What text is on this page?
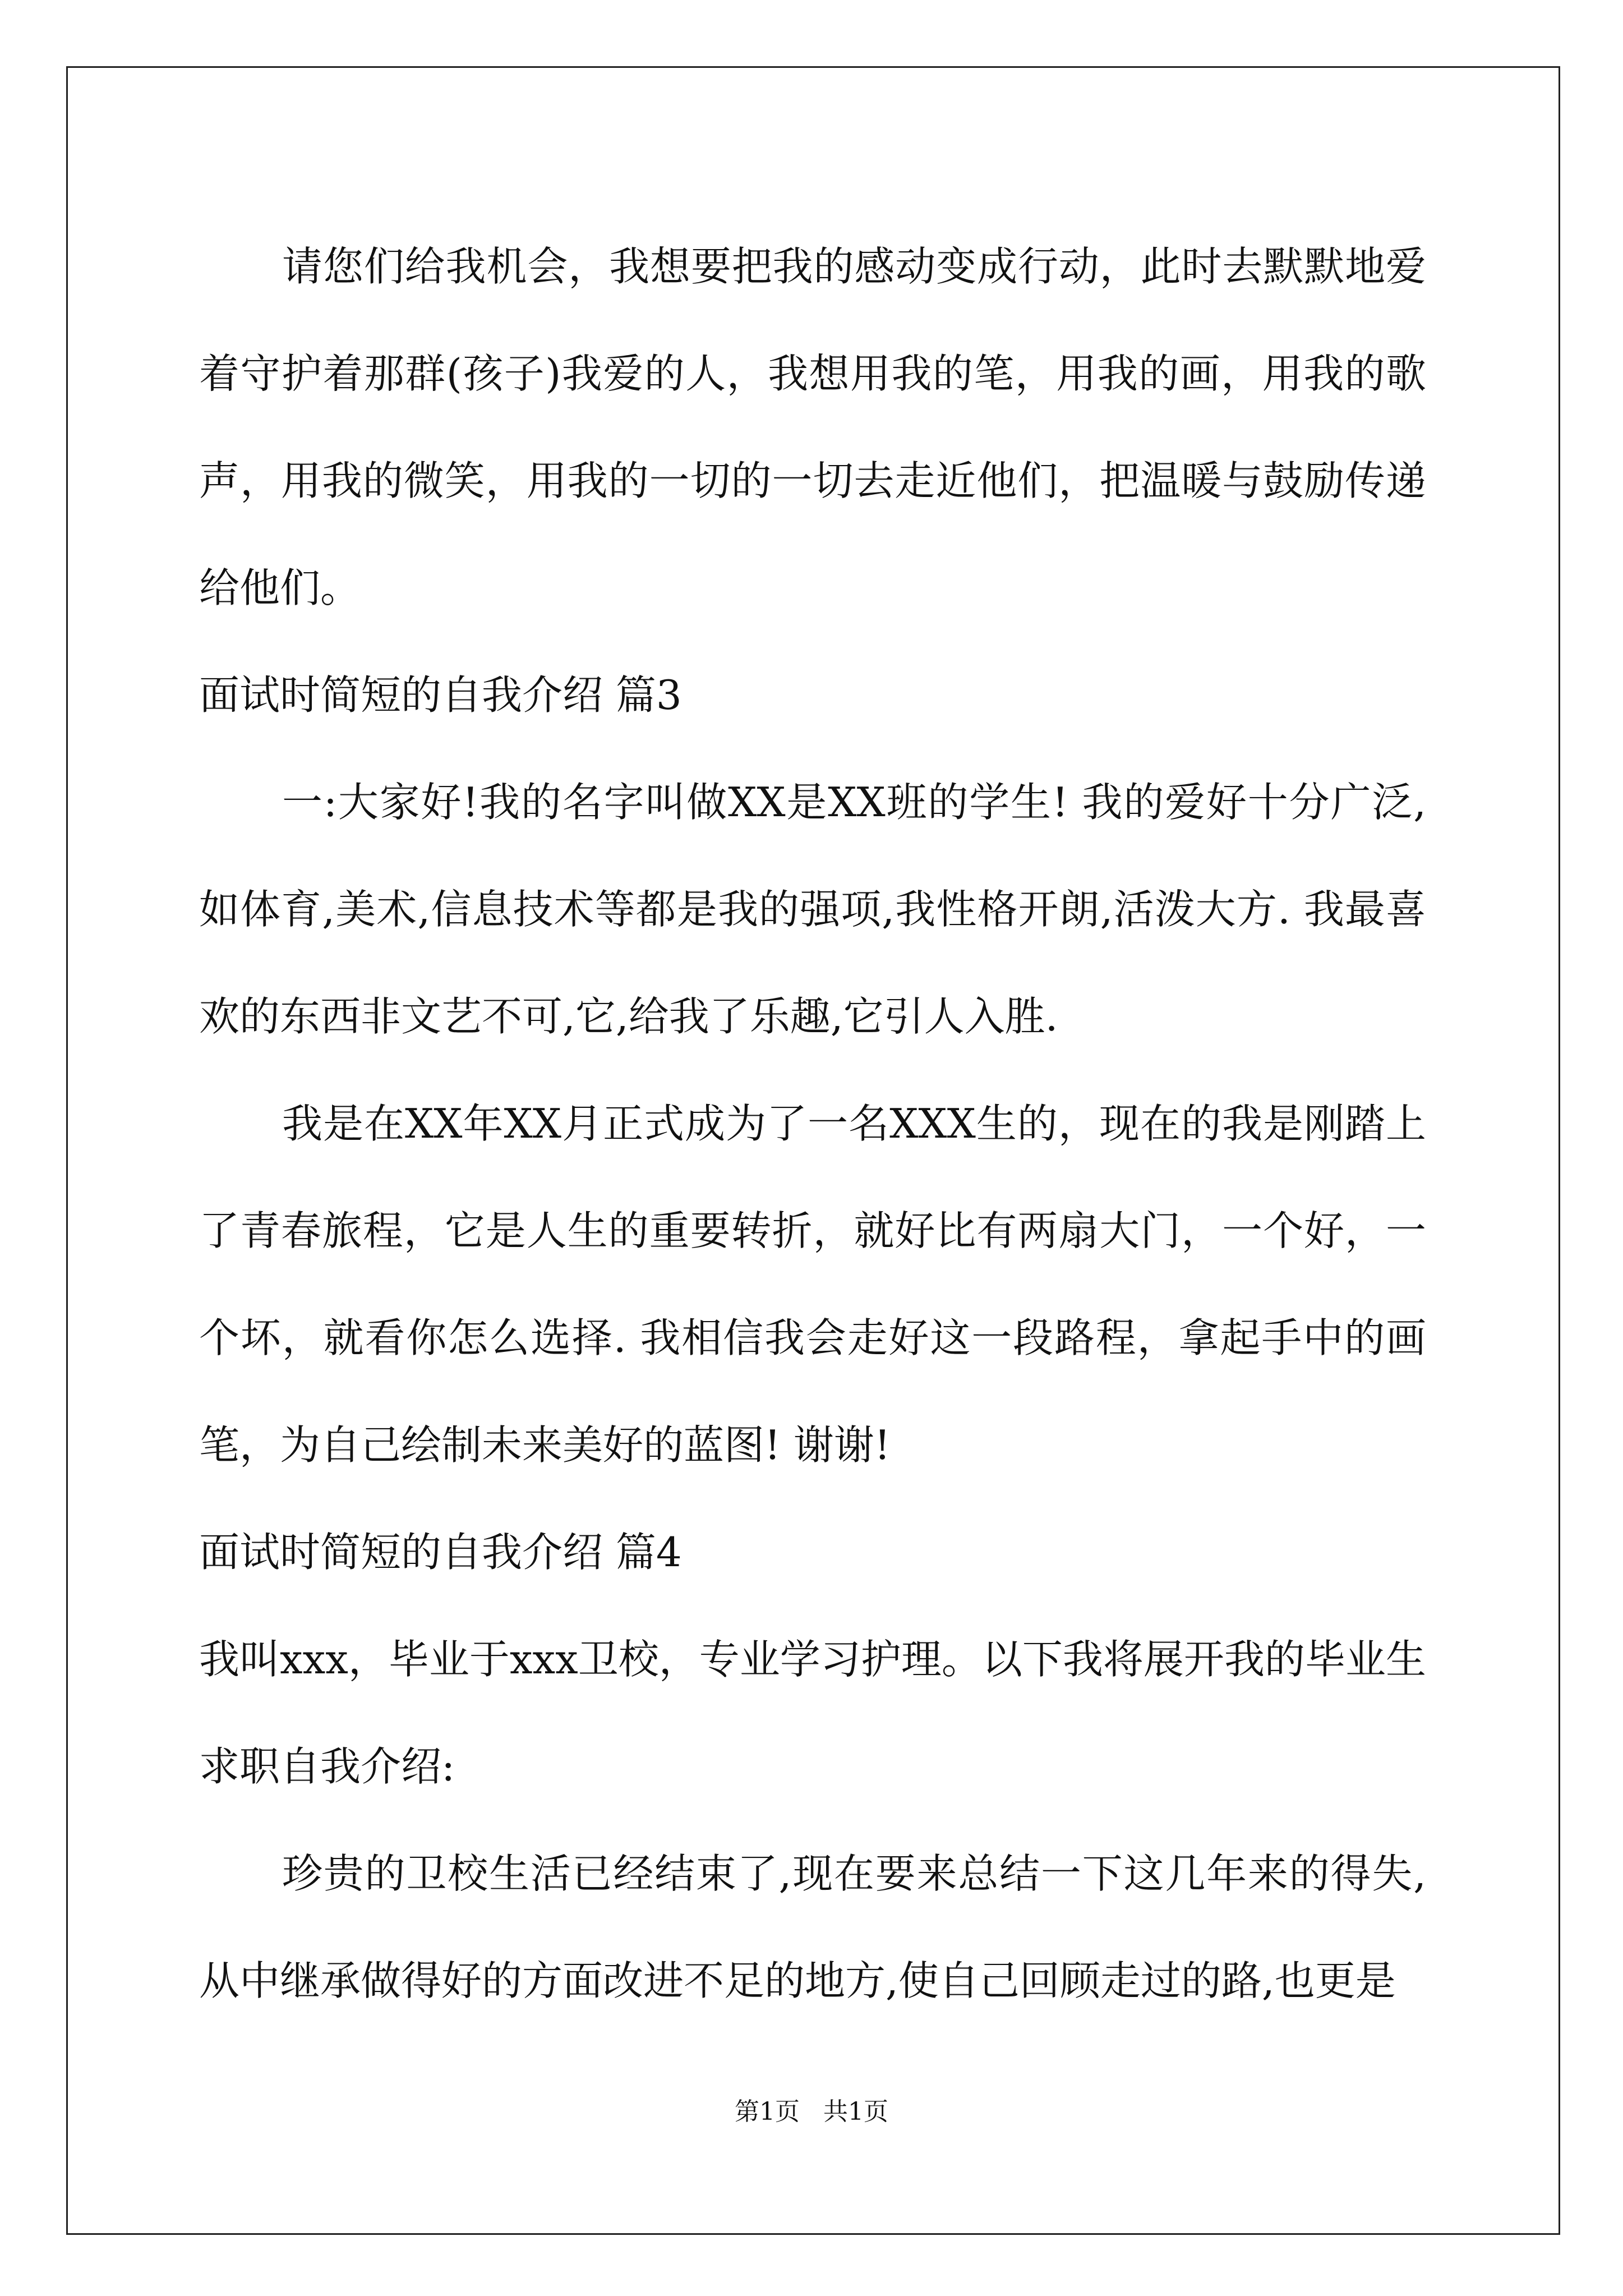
请您们给我机会，我想要把我的感动变成行动，此时去默默地爱着守护着那群(孩子)我爱的人，我想用我的笔，用我的画，用我的歌声，用我的微笑，用我的一切的一切去走近他们，把温暖与鼓励传递给他们。

面试时简短的自我介绍 篇3

一:大家好!我的名字叫做XX是XX班的学生! 我的爱好十分广泛,如体育,美术,信息技术等都是我的强项,我性格开朗,活泼大方. 我最喜欢的东西非文艺不可,它,给我了乐趣,它引人入胜.

我是在XX年XX月正式成为了一名XXX生的，现在的我是刚踏上了青春旅程，它是人生的重要转折，就好比有两扇大门，一个好，一个坏，就看你怎么选择. 我相信我会走好这一段路程，拿起手中的画笔，为自己绘制未来美好的蓝图! 谢谢!

面试时简短的自我介绍 篇4

我叫xxx，毕业于xxx卫校，专业学习护理。以下我将展开我的毕业生求职自我介绍:

珍贵的卫校生活已经结束了,现在要来总结一下这几年来的得失,从中继承做得好的方面改进不足的地方,使自己回顾走过的路,也更是

第1页 共1页
